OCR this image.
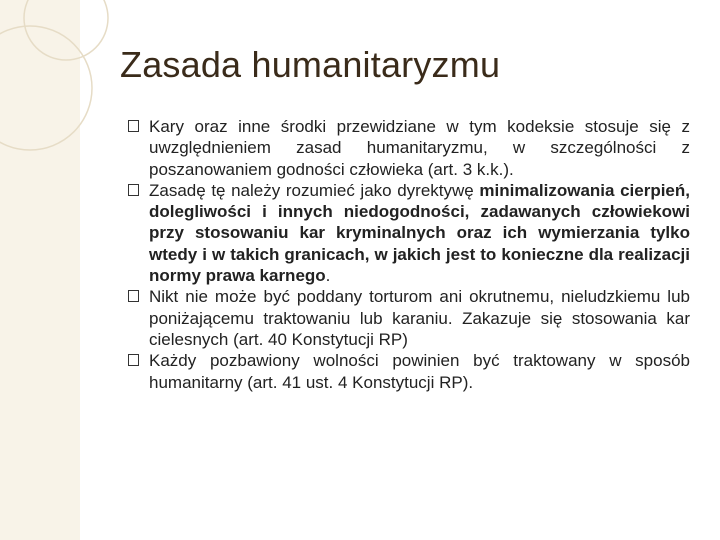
Zasada humanitaryzmu
Kary oraz inne środki przewidziane w tym kodeksie stosuje się z uwzględnieniem zasad humanitaryzmu, w szczególności z poszanowaniem godności człowieka (art. 3 k.k.).
Zasadę tę należy rozumieć jako dyrektywę minimalizowania cierpień, dolegliwości i innych niedogodności, zadawanych człowiekowi przy stosowaniu kar kryminalnych oraz ich wymierzania tylko wtedy i w takich granicach, w jakich jest to konieczne dla realizacji normy prawa karnego.
Nikt nie może być poddany torturom ani okrutnemu, nieludzkiemu lub poniżającemu traktowaniu lub karaniu. Zakazuje się stosowania kar cielesnych (art. 40 Konstytucji RP)
Każdy pozbawiony wolności powinien być traktowany w sposób humanitarny (art. 41 ust. 4 Konstytucji RP).
